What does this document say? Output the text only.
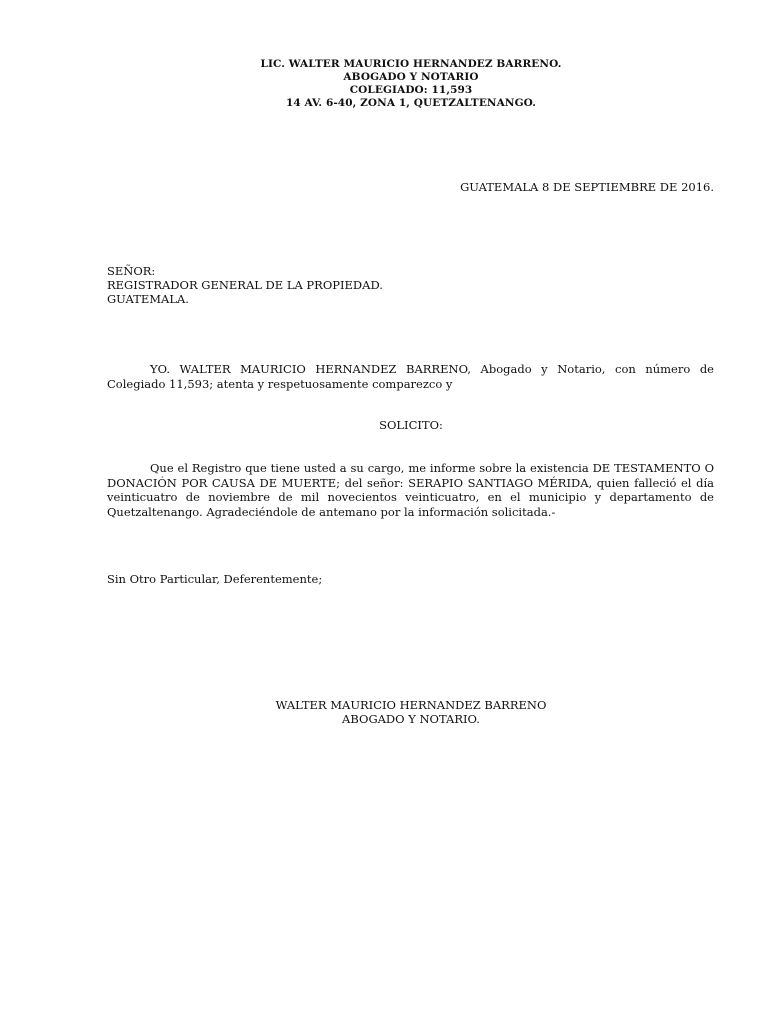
LIC. WALTER MAURICIO HERNANDEZ BARRENO.
ABOGADO Y NOTARIO
COLEGIADO: 11,593
14 AV. 6-40, ZONA 1, QUETZALTENANGO.
GUATEMALA 8 DE SEPTIEMBRE DE 2016.
SEÑOR:
REGISTRADOR GENERAL DE LA PROPIEDAD.
GUATEMALA.

YO. WALTER MAURICIO HERNANDEZ BARRENO, Abogado y Notario, con número de Colegiado 11,593; atenta y respetuosamente comparezco y

SOLICITO:

Que el Registro que tiene usted a su cargo, me informe sobre la existencia DE TESTAMENTO O DONACIÓN POR CAUSA DE MUERTE; del señor: SERAPIO SANTIAGO MÉRIDA, quien falleció el día veinticuatro de noviembre de mil novecientos veinticuatro, en el municipio y departamento de Quetzaltenango. Agradeciéndole de antemano por la información solicitada.-

Sin Otro Particular, Deferentemente;
WALTER MAURICIO HERNANDEZ BARRENO
ABOGADO Y NOTARIO.
